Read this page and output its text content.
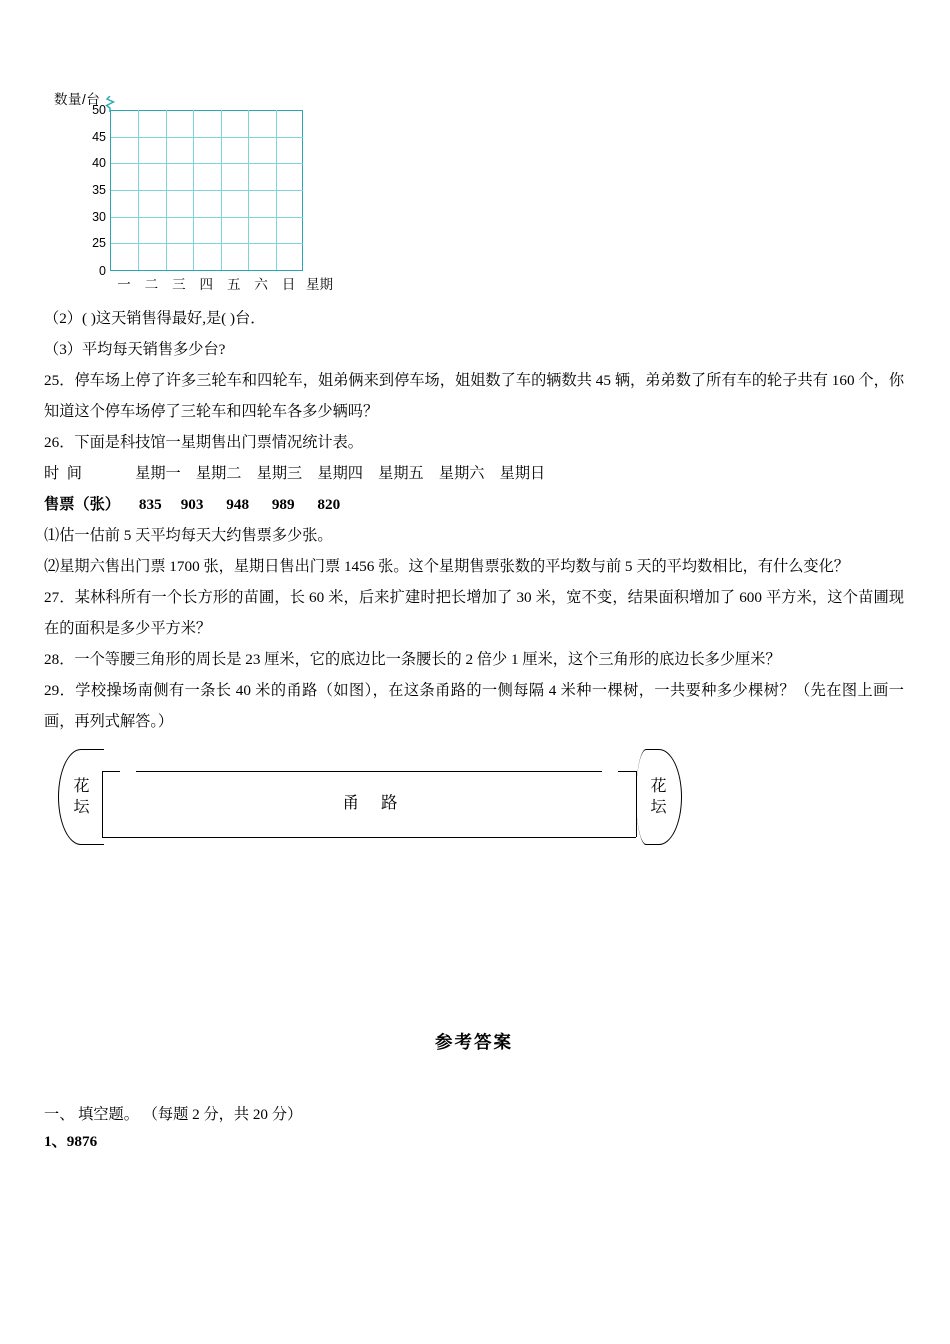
数量/台
50
45
40
35
30
25
0
一 二 三 四 五 六 日 星期

（2）( )这天销售得最好,是( )台．

（3）平均每天销售多少台?

25．停车场上停了许多三轮车和四轮车，姐弟俩来到停车场，姐姐数了车的辆数共 45 辆，弟弟数了所有车的轮子共有 160 个，你知道这个停车场停了三轮车和四轮车各多少辆吗？

26．下面是科技馆一星期售出门票情况统计表。

时  间              星期一    星期二    星期三    星期四    星期五    星期六    星期日
售票（张）     835     903      948      989      820

⑴估一估前 5 天平均每天大约售票多少张。

⑵星期六售出门票 1700 张，星期日售出门票 1456 张。这个星期售票张数的平均数与前 5 天的平均数相比，有什么变化？

27．某林科所有一个长方形的苗圃，长 60 米，后来扩建时把长增加了 30 米，宽不变，结果面积增加了 600 平方米，这个苗圃现在的面积是多少平方米？

28．一个等腰三角形的周长是 23 厘米，它的底边比一条腰长的 2 倍少 1 厘米，这个三角形的底边长多少厘米？

29．学校操场南侧有一条长 40 米的甬路（如图），在这条甬路的一侧每隔 4 米种一棵树，一共要种多少棵树？（先在图上画一画，再列式解答。）

花
坛
花
坛
甬路
参考答案
一、 填空题。 （每题 2 分，共 20 分）
1、9876
